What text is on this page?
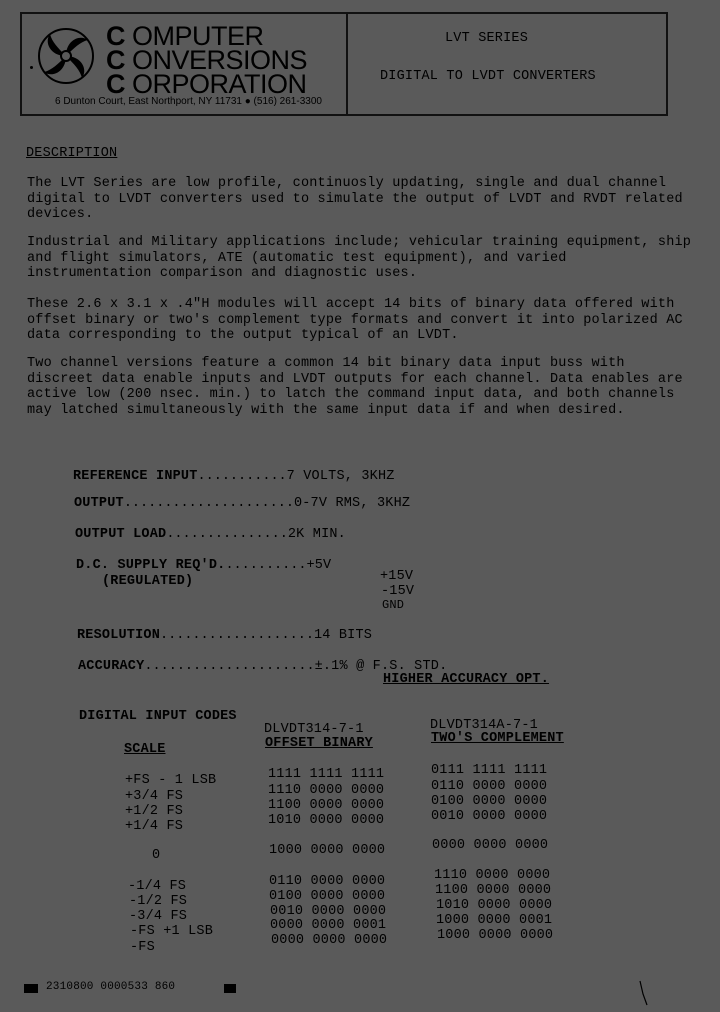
C OMPUTER
C ONVERSIONS
C ORPORATION
6 Dunton Court, East Northport, NY 11731 ● (516) 261-3300
LVT SERIES
DIGITAL TO LVDT CONVERTERS
DESCRIPTION
The LVT Series are low profile, continuosly updating, single and dual channel digital to LVDT converters used to simulate the output of LVDT and RVDT related devices.
Industrial and Military applications include; vehicular training equipment, ship and flight simulators, ATE (automatic test equipment), and varied instrumentation comparison and diagnostic uses.
These 2.6 x 3.1 x .4"H modules will accept 14 bits of binary data offered with offset binary or two's complement type formats and convert it into polarized AC data corresponding to the output typical of an LVDT.
Two channel versions feature a common 14 bit binary data input buss with discreet data enable inputs and LVDT outputs for each channel. Data enables are active low (200 nsec. min.) to latch the command input data, and both channels may latched simultaneously with the same input data if and when desired.
REFERENCE INPUT...........7 VOLTS, 3KHZ
OUTPUT.....................0-7V RMS, 3KHZ
OUTPUT LOAD...............2K MIN.
D.C. SUPPLY REQ'D...........+5V
(REGULATED)	+15V
-15V
GND
RESOLUTION...................14 BITS
ACCURACY.....................±.1% @ F.S. STD.
HIGHER ACCURACY OPT.
DIGITAL INPUT CODES
DLVDT314-7-1	DLVDT314A-7-1
SCALE	OFFSET BINARY	TWO'S COMPLEMENT
+FS - 1 LSB	1111 1111 1111	0111 1111 1111
+3/4 FS	1110 0000 0000	0110 0000 0000
+1/2 FS	1100 0000 0000	0100 0000 0000
+1/4 FS	1010 0000 0000	0010 0000 0000
0	1000 0000 0000	0000 0000 0000
-1/4 FS	0110 0000 0000	1110 0000 0000
-1/2 FS	0100 0000 0000	1100 0000 0000
-3/4 FS	0010 0000 0000	1010 0000 0000
-FS +1 LSB	0000 0000 0001	1000 0000 0001
-FS	0000 0000 0000	1000 0000 0000
2310800 0000533 860
